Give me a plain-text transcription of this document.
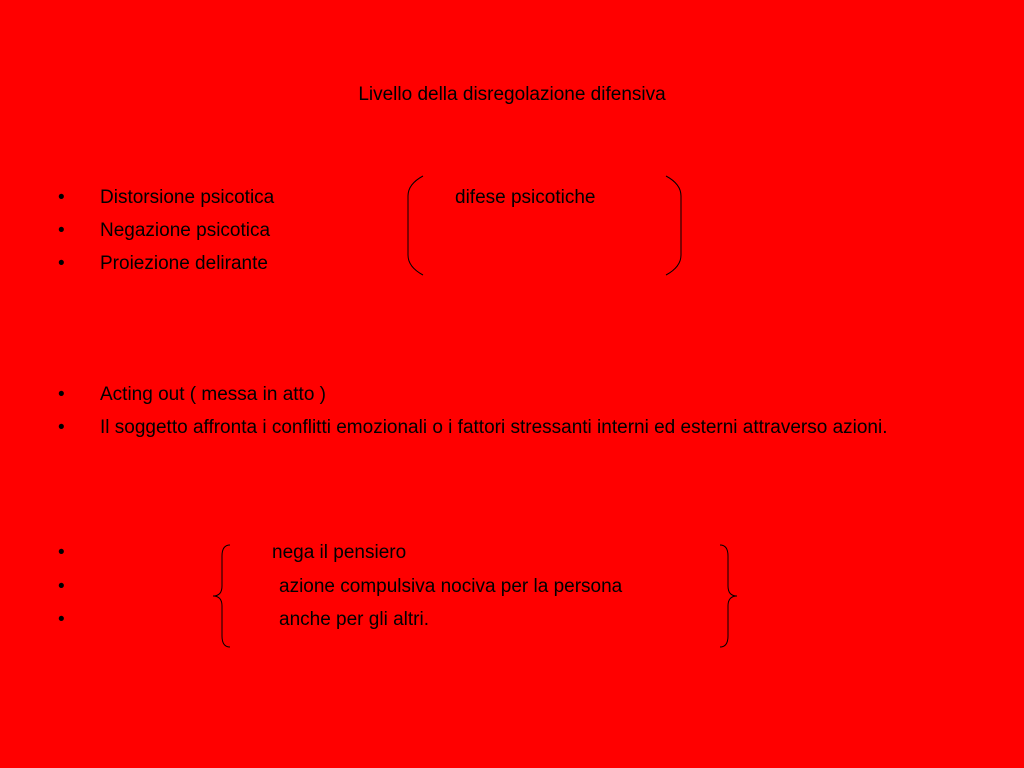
Livello della disregolazione difensiva
• Distorsione psicotica
• Negazione psicotica
• Proiezione delirante
difese psicotiche
• Acting out ( messa in atto )
• Il soggetto affronta i conflitti emozionali o i fattori stressanti interni ed esterni attraverso azioni.
•	nega il pensiero
•	azione compulsiva nociva per la persona
•	anche per gli altri.
